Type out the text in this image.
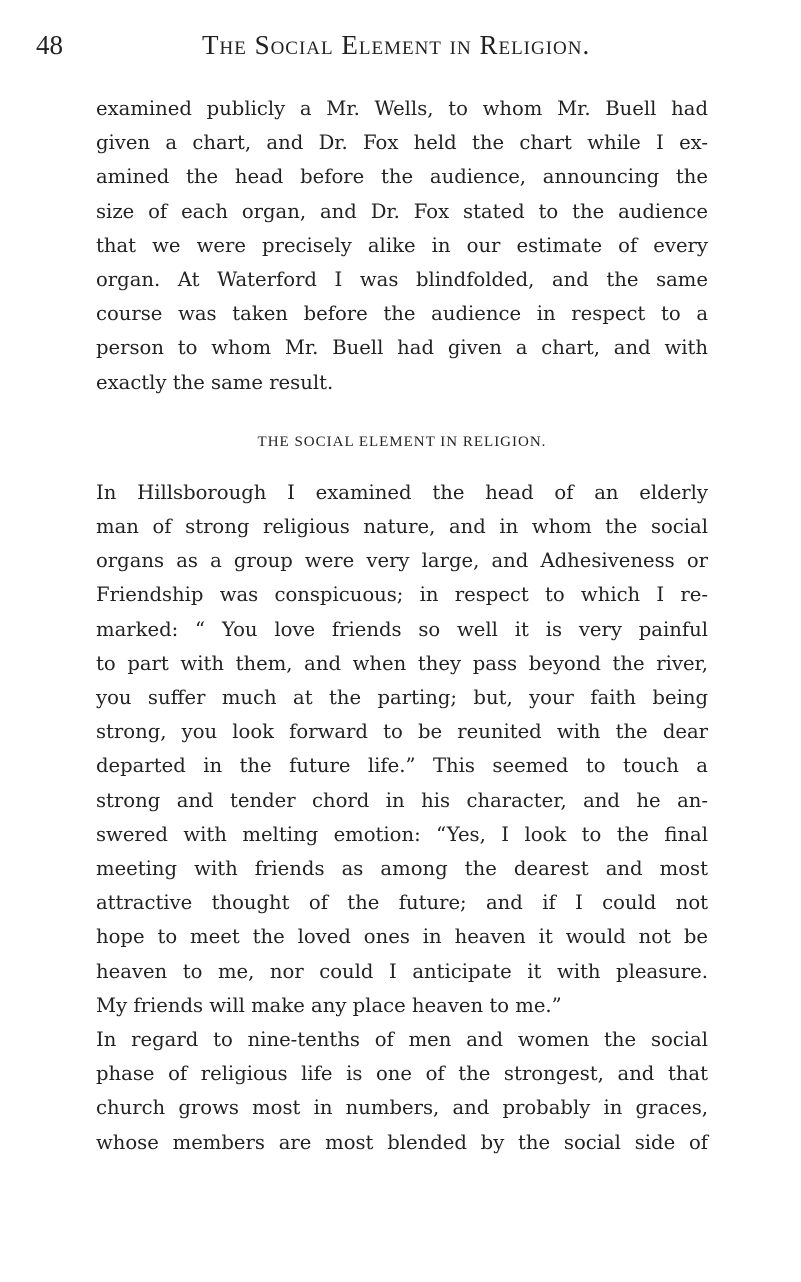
48	The Social Element in Religion.

examined publicly a Mr. Wells, to whom Mr. Buell had
given a chart, and Dr. Fox held the chart while I ex-
amined the head before the audience, announcing the
size of each organ, and Dr. Fox stated to the audience
that we were precisely alike in our estimate of every
organ. At Waterford I was blindfolded, and the same
course was taken before the audience in respect to a
person to whom Mr. Buell had given a chart, and with
exactly the same result.

THE SOCIAL ELEMENT IN RELIGION.

In Hillsborough I examined the head of an elderly
man of strong religious nature, and in whom the social
organs as a group were very large, and Adhesiveness or
Friendship was conspicuous; in respect to which I re-
marked: “ You love friends so well it is very painful
to part with them, and when they pass beyond the river,
you suffer much at the parting; but, your faith being
strong, you look forward to be reunited with the dear
departed in the future life.” This seemed to touch a
strong and tender chord in his character, and he an-
swered with melting emotion: “Yes, I look to the final
meeting with friends as among the dearest and most
attractive thought of the future; and if I could not
hope to meet the loved ones in heaven it would not be
heaven to me, nor could I anticipate it with pleasure.
My friends will make any place heaven to me.”

In regard to nine-tenths of men and women the social
phase of religious life is one of the strongest, and that
church grows most in numbers, and probably in graces,
whose members are most blended by the social side of
